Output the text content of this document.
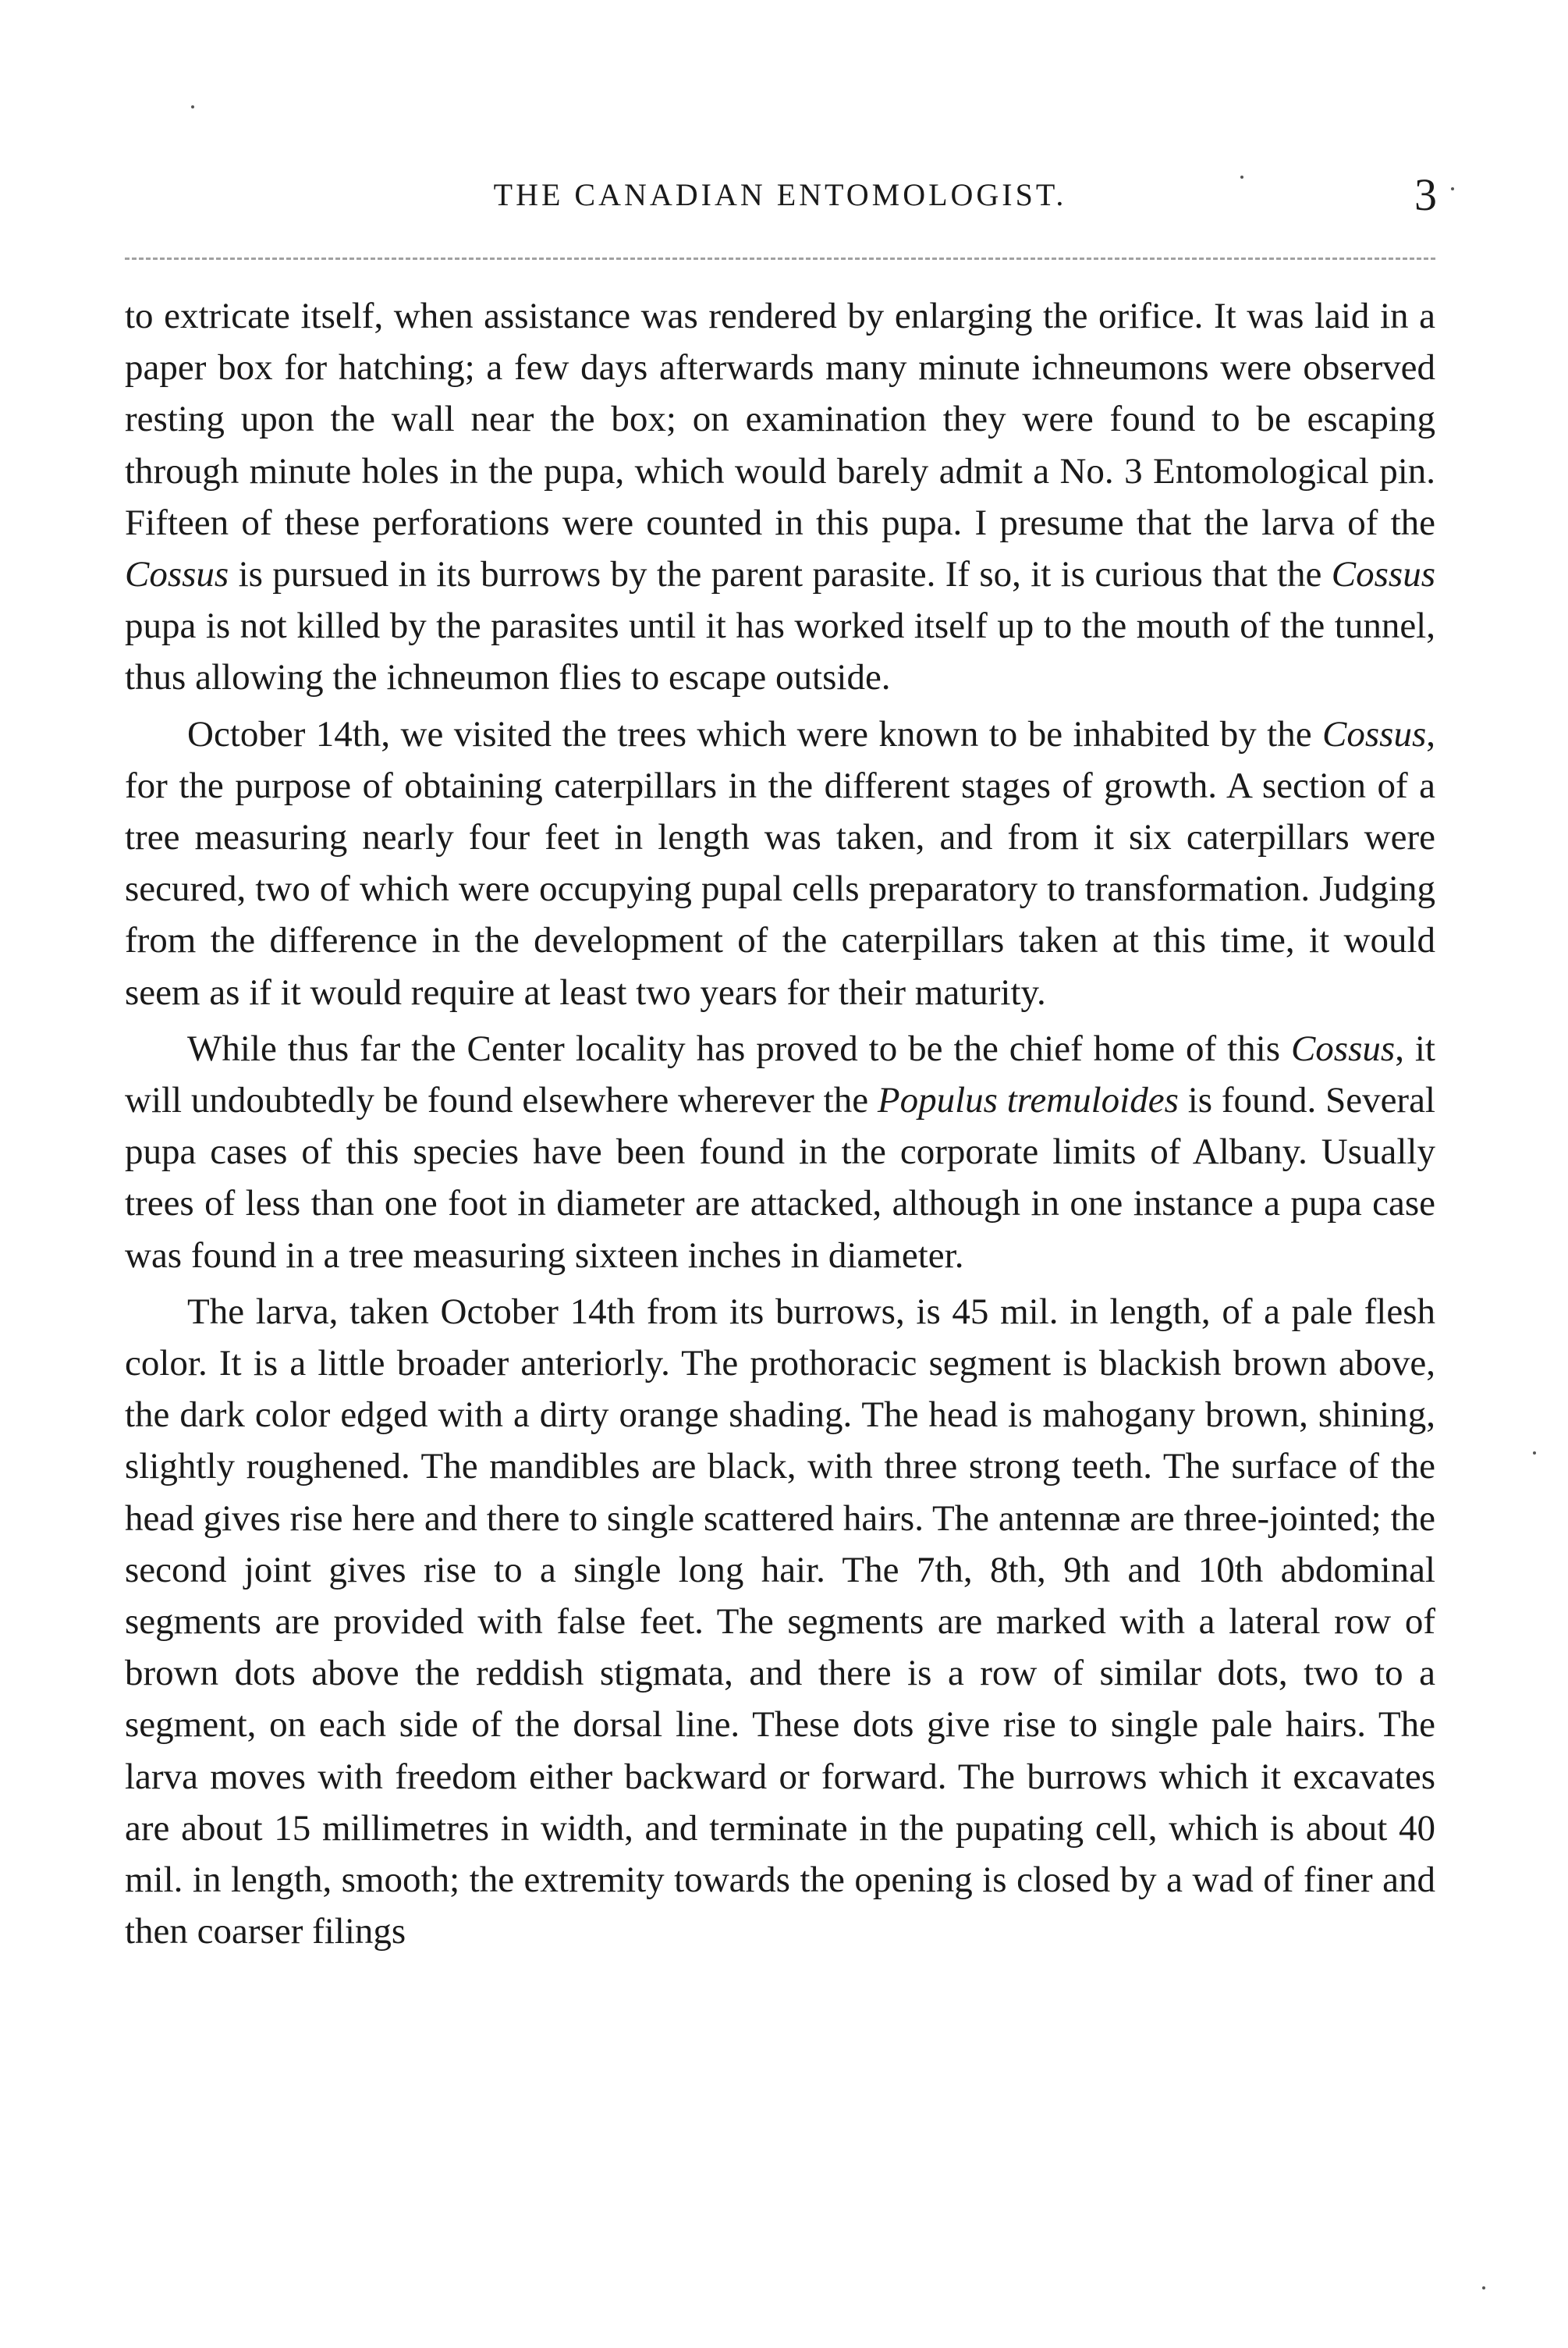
THE CANADIAN ENTOMOLOGIST.	3

to extricate itself, when assistance was rendered by enlarging the orifice. It was laid in a paper box for hatching; a few days afterwards many minute ichneumons were observed resting upon the wall near the box; on examination they were found to be escaping through minute holes in the pupa, which would barely admit a No. 3 Entomological pin. Fifteen of these perforations were counted in this pupa. I presume that the larva of the Cossus is pursued in its burrows by the parent parasite. If so, it is curious that the Cossus pupa is not killed by the parasites until it has worked itself up to the mouth of the tunnel, thus allowing the ichneumon flies to escape outside.

October 14th, we visited the trees which were known to be inhabited by the Cossus, for the purpose of obtaining caterpillars in the different stages of growth. A section of a tree measuring nearly four feet in length was taken, and from it six caterpillars were secured, two of which were occupying pupal cells preparatory to transformation. Judging from the difference in the development of the caterpillars taken at this time, it would seem as if it would require at least two years for their maturity.

While thus far the Center locality has proved to be the chief home of this Cossus, it will undoubtedly be found elsewhere wherever the Populus tremuloides is found. Several pupa cases of this species have been found in the corporate limits of Albany. Usually trees of less than one foot in diameter are attacked, although in one instance a pupa case was found in a tree measuring sixteen inches in diameter.

The larva, taken October 14th from its burrows, is 45 mil. in length, of a pale flesh color. It is a little broader anteriorly. The prothoracic segment is blackish brown above, the dark color edged with a dirty orange shading. The head is mahogany brown, shining, slightly roughened. The mandibles are black, with three strong teeth. The surface of the head gives rise here and there to single scattered hairs. The antennæ are three-jointed; the second joint gives rise to a single long hair. The 7th, 8th, 9th and 10th abdominal segments are provided with false feet. The segments are marked with a lateral row of brown dots above the reddish stigmata, and there is a row of similar dots, two to a segment, on each side of the dorsal line. These dots give rise to single pale hairs. The larva moves with freedom either backward or forward. The burrows which it excavates are about 15 millimetres in width, and terminate in the pupating cell, which is about 40 mil. in length, smooth; the extremity towards the opening is closed by a wad of finer and then coarser filings
